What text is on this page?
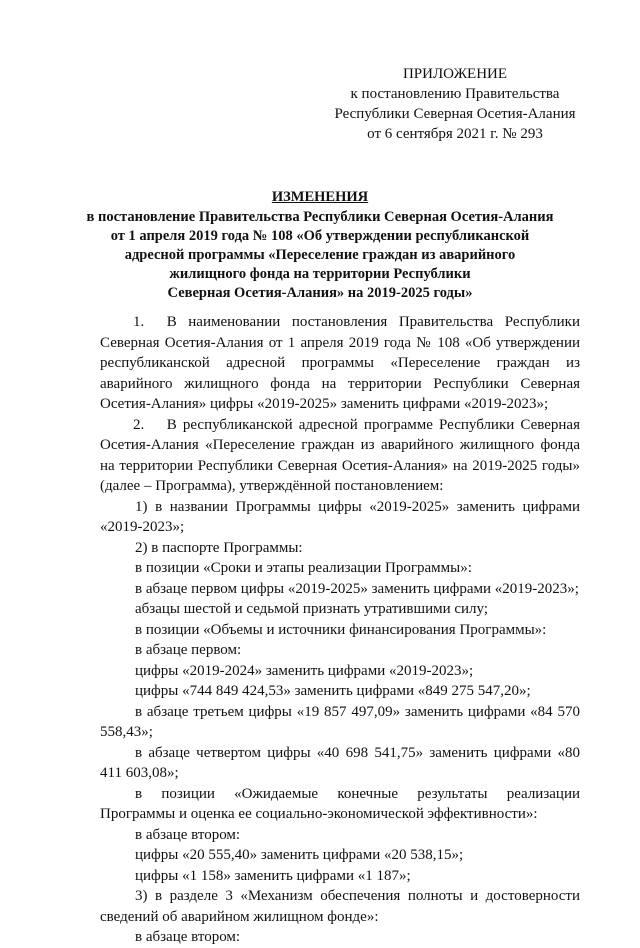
ПРИЛОЖЕНИЕ
к постановлению Правительства
Республики Северная Осетия-Алания
от 6 сентября 2021 г. № 293
ИЗМЕНЕНИЯ
в постановление Правительства Республики Северная Осетия-Алания
от 1 апреля 2019 года № 108 «Об утверждении республиканской
адресной программы «Переселение граждан из аварийного
жилищного фонда на территории Республики
Северная Осетия-Алания» на 2019-2025 годы»

1.  В наименовании постановления Правительства Республики Северная Осетия-Алания от 1 апреля 2019 года № 108 «Об утверждении республиканской адресной программы «Переселение граждан из аварийного жилищного фонда на территории Республики Северная Осетия-Алания» цифры «2019-2025» заменить цифрами «2019-2023»;

2.  В республиканской адресной программе Республики Северная Осетия-Алания «Переселение граждан из аварийного жилищного фонда на территории Республики Северная Осетия-Алания» на 2019-2025 годы» (далее – Программа), утверждённой постановлением:

1) в названии Программы цифры «2019-2025» заменить цифрами «2019-2023»;

2) в паспорте Программы:

в позиции «Сроки и этапы реализации Программы»:

в абзаце первом цифры «2019-2025» заменить цифрами «2019-2023»;

абзацы шестой и седьмой признать утратившими силу;

в позиции «Объемы и источники финансирования Программы»:

в абзаце первом:

цифры «2019-2024» заменить цифрами «2019-2023»;

цифры «744 849 424,53» заменить цифрами «849 275 547,20»;

в абзаце третьем цифры «19 857 497,09» заменить цифрами «84 570 558,43»;

в абзаце четвертом цифры «40 698 541,75» заменить цифрами «80 411 603,08»;

в позиции «Ожидаемые конечные результаты реализации Программы и оценка ее социально-экономической эффективности»:

в абзаце втором:

цифры «20 555,40» заменить цифрами «20 538,15»;

цифры «1 158» заменить цифрами «1 187»;

3) в разделе 3 «Механизм обеспечения полноты и достоверности сведений об аварийном жилищном фонде»:

в абзаце втором:
